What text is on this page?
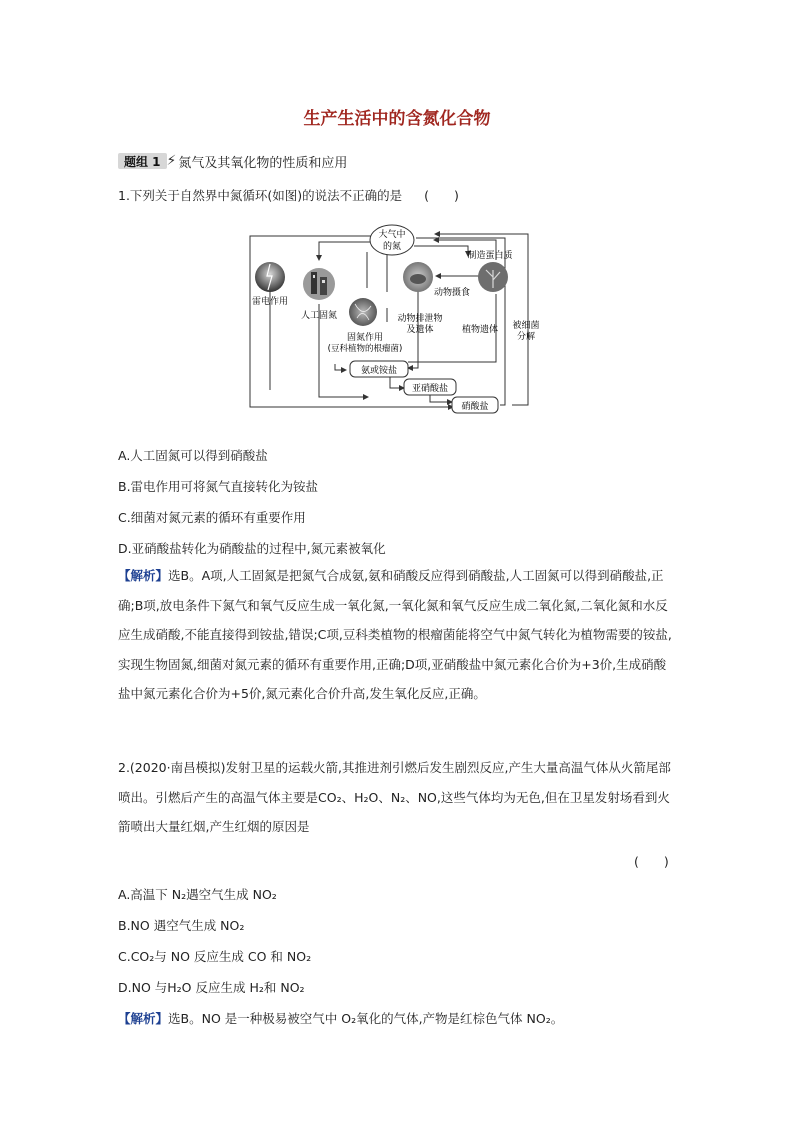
生产生活中的含氮化合物
题组 1 ⚡ 氮气及其氧化物的性质和应用
1.下列关于自然界中氮循环(如图)的说法不正确的是 (　　)
大气中
的氮
雷电作用
人工固氮
固氮作用
(豆科植物的根瘤菌)
动物摄食
动物排泄物
及遗体
制造蛋白质
植物遗体 被细菌
分解
氨或铵盐
亚硝酸盐
硝酸盐
A.人工固氮可以得到硝酸盐
B.雷电作用可将氮气直接转化为铵盐
C.细菌对氮元素的循环有重要作用
D.亚硝酸盐转化为硝酸盐的过程中,氮元素被氧化
【解析】选B。A项,人工固氮是把氮气合成氨,氨和硝酸反应得到硝酸盐,人工固氮可以得到硝酸盐,正确;B项,放电条件下氮气和氧气反应生成一氧化氮,一氧化氮和氧气反应生成二氧化氮,二氧化氮和水反应生成硝酸,不能直接得到铵盐,错误;C项,豆科类植物的根瘤菌能将空气中氮气转化为植物需要的铵盐,实现生物固氮,细菌对氮元素的循环有重要作用,正确;D项,亚硝酸盐中氮元素化合价为+3价,生成硝酸盐中氮元素化合价为+5价,氮元素化合价升高,发生氧化反应,正确。
2.(2020·南昌模拟)发射卫星的运载火箭,其推进剂引燃后发生剧烈反应,产生大量高温气体从火箭尾部喷出。引燃后产生的高温气体主要是CO₂、H₂O、N₂、NO,这些气体均为无色,但在卫星发射场看到火箭喷出大量红烟,产生红烟的原因是
(　　)
A.高温下 N₂遇空气生成 NO₂
B.NO 遇空气生成 NO₂
C.CO₂与 NO 反应生成 CO 和 NO₂
D.NO 与H₂O 反应生成 H₂和 NO₂
【解析】选B。NO 是一种极易被空气中 O₂氧化的气体,产物是红棕色气体 NO₂。
